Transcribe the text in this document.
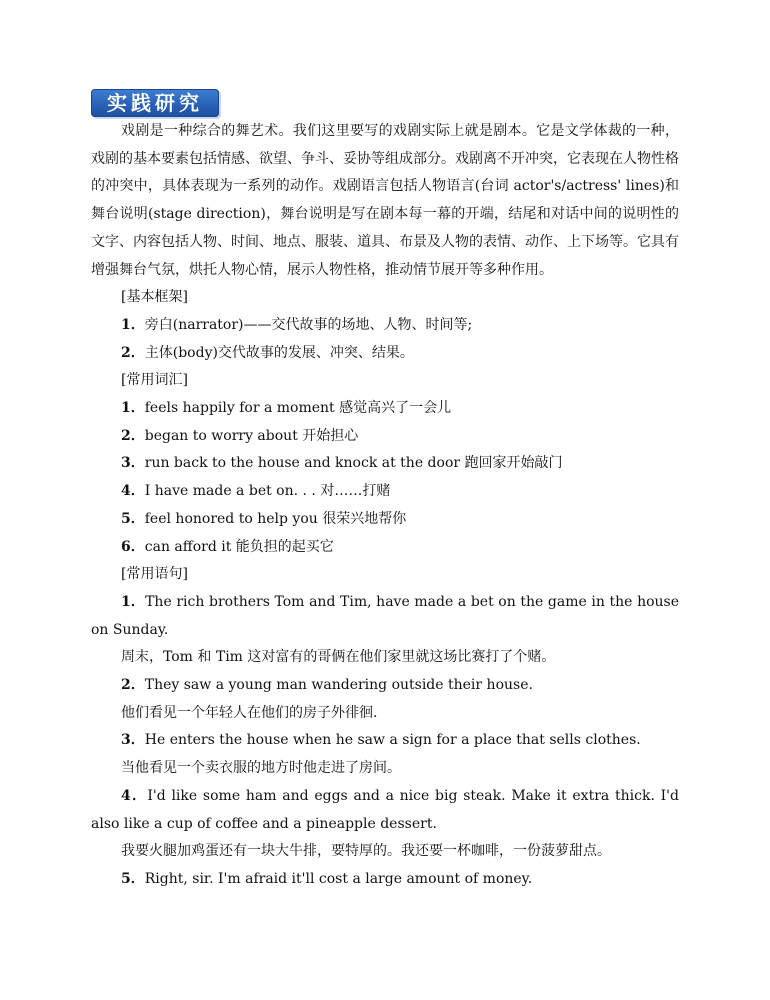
实践研究

戏剧是一种综合的舞艺术。我们这里要写的戏剧实际上就是剧本。它是文学体裁的一种，戏剧的基本要素包括情感、欲望、争斗、妥协等组成部分。戏剧离不开冲突，它表现在人物性格的冲突中，具体表现为一系列的动作。戏剧语言包括人物语言(台词 actor's/actress' lines)和舞台说明(stage direction)，舞台说明是写在剧本每一幕的开端，结尾和对话中间的说明性的文字、内容包括人物、时间、地点、服装、道具、布景及人物的表情、动作、上下场等。它具有增强舞台气氛，烘托人物心情，展示人物性格，推动情节展开等多种作用。

[基本框架]

1．旁白(narrator)——交代故事的场地、人物、时间等;

2．主体(body)交代故事的发展、冲突、结果。

[常用词汇]

1．feels happily for a moment 感觉高兴了一会儿

2．began to worry about 开始担心

3．run back to the house and knock at the door 跑回家开始敲门

4．I have made a bet on. . . 对……打赌

5．feel honored to help you 很荣兴地帮你

6．can afford it 能负担的起买它

[常用语句]

1．The rich brothers Tom and Tim, have made a bet on the game in the house on Sunday.

周末，Tom 和 Tim 这对富有的哥俩在他们家里就这场比赛打了个赌。

2．They saw a young man wandering outside their house.

他们看见一个年轻人在他们的房子外徘徊.

3．He enters the house when he saw a sign for a place that sells clothes.

当他看见一个卖衣服的地方时他走进了房间。

4．I'd like some ham and eggs and a nice big steak. Make it extra thick. I'd also like a cup of coffee and a pineapple dessert.

我要火腿加鸡蛋还有一块大牛排，要特厚的。我还要一杯咖啡，一份菠萝甜点。

5．Right, sir. I'm afraid it'll cost a large amount of money.
